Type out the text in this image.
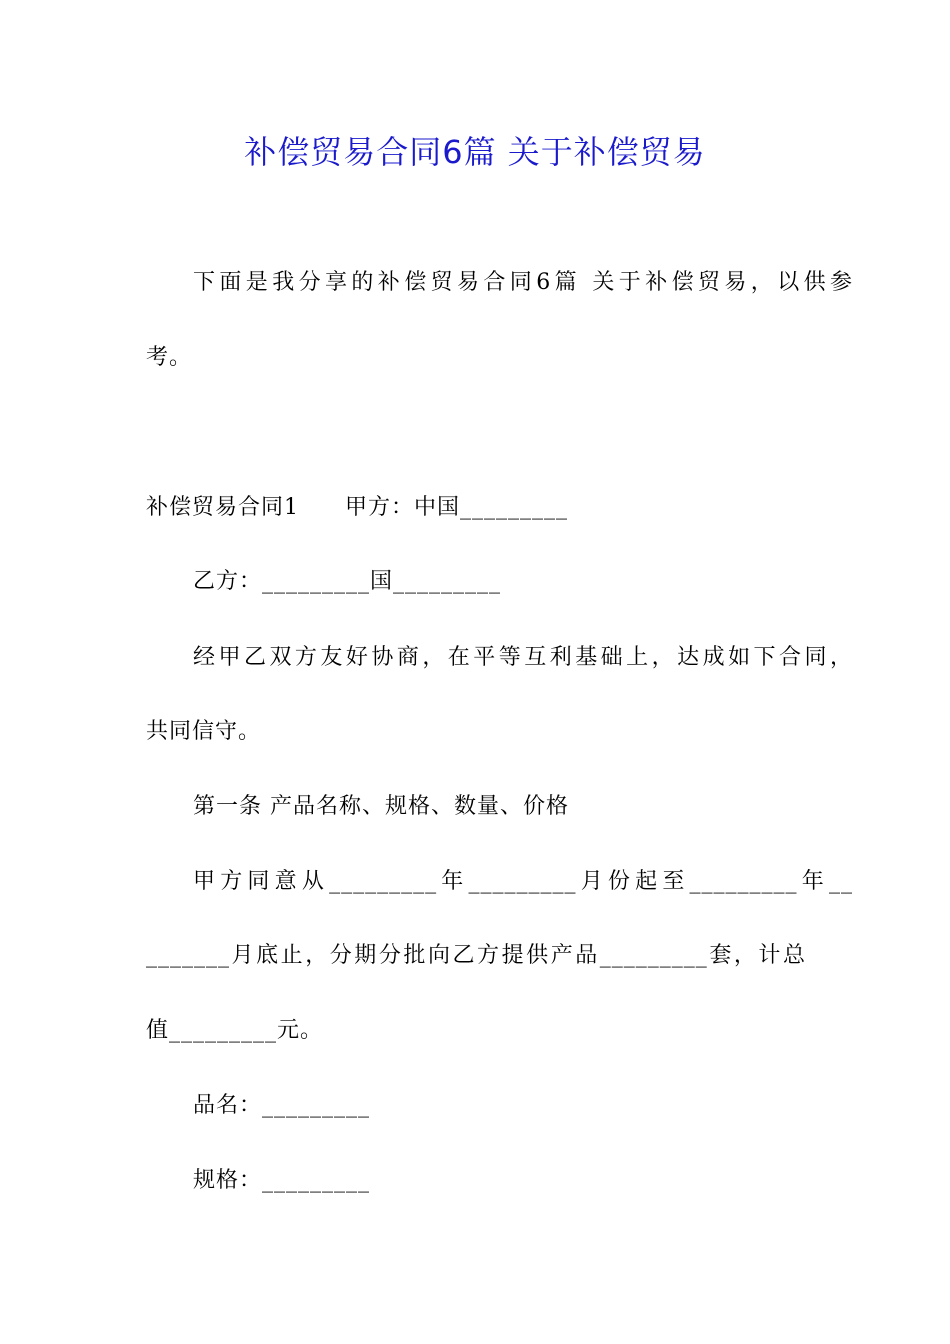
补偿贸易合同6篇 关于补偿贸易
下面是我分享的补偿贸易合同6篇 关于补偿贸易，以供参
考。
补偿贸易合同1　　甲方：中国_________
乙方：_________国_________
经甲乙双方友好协商，在平等互利基础上，达成如下合同，
共同信守。
第一条 产品名称、规格、数量、价格
甲方同意从_________年_________月份起至_________年__
_______月底止，分期分批向乙方提供产品_________套，计总
值_________元。
品名：_________
规格：_________
